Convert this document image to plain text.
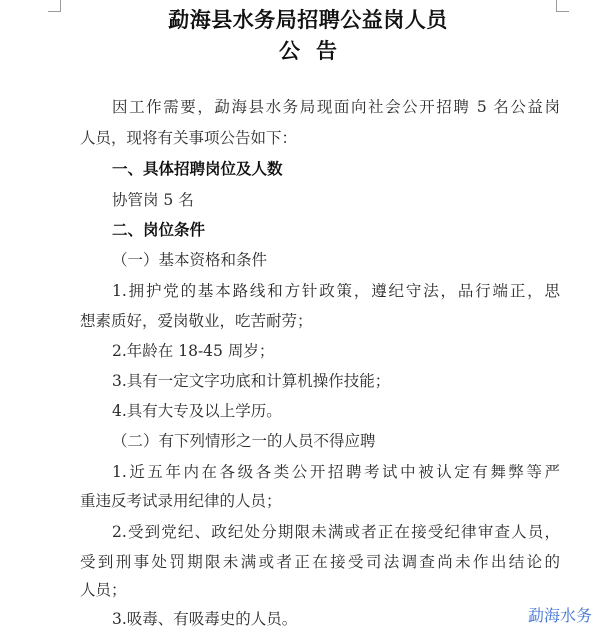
勐海县水务局招聘公益岗人员
公告
因工作需要，勐海县水务局现面向社会公开招聘 5 名公益岗
人员，现将有关事项公告如下：
一、具体招聘岗位及人数
协管岗 5 名
二、岗位条件
（一）基本资格和条件
1.拥护党的基本路线和方针政策，遵纪守法，品行端正，思
想素质好，爱岗敬业，吃苦耐劳；
2.年龄在 18-45 周岁；
3.具有一定文字功底和计算机操作技能；
4.具有大专及以上学历。
（二）有下列情形之一的人员不得应聘
1.近五年内在各级各类公开招聘考试中被认定有舞弊等严
重违反考试录用纪律的人员；
2.受到党纪、政纪处分期限未满或者正在接受纪律审查人员，
受到刑事处罚期限未满或者正在接受司法调查尚未作出结论的
人员；
3.吸毒、有吸毒史的人员。	勐海水务
